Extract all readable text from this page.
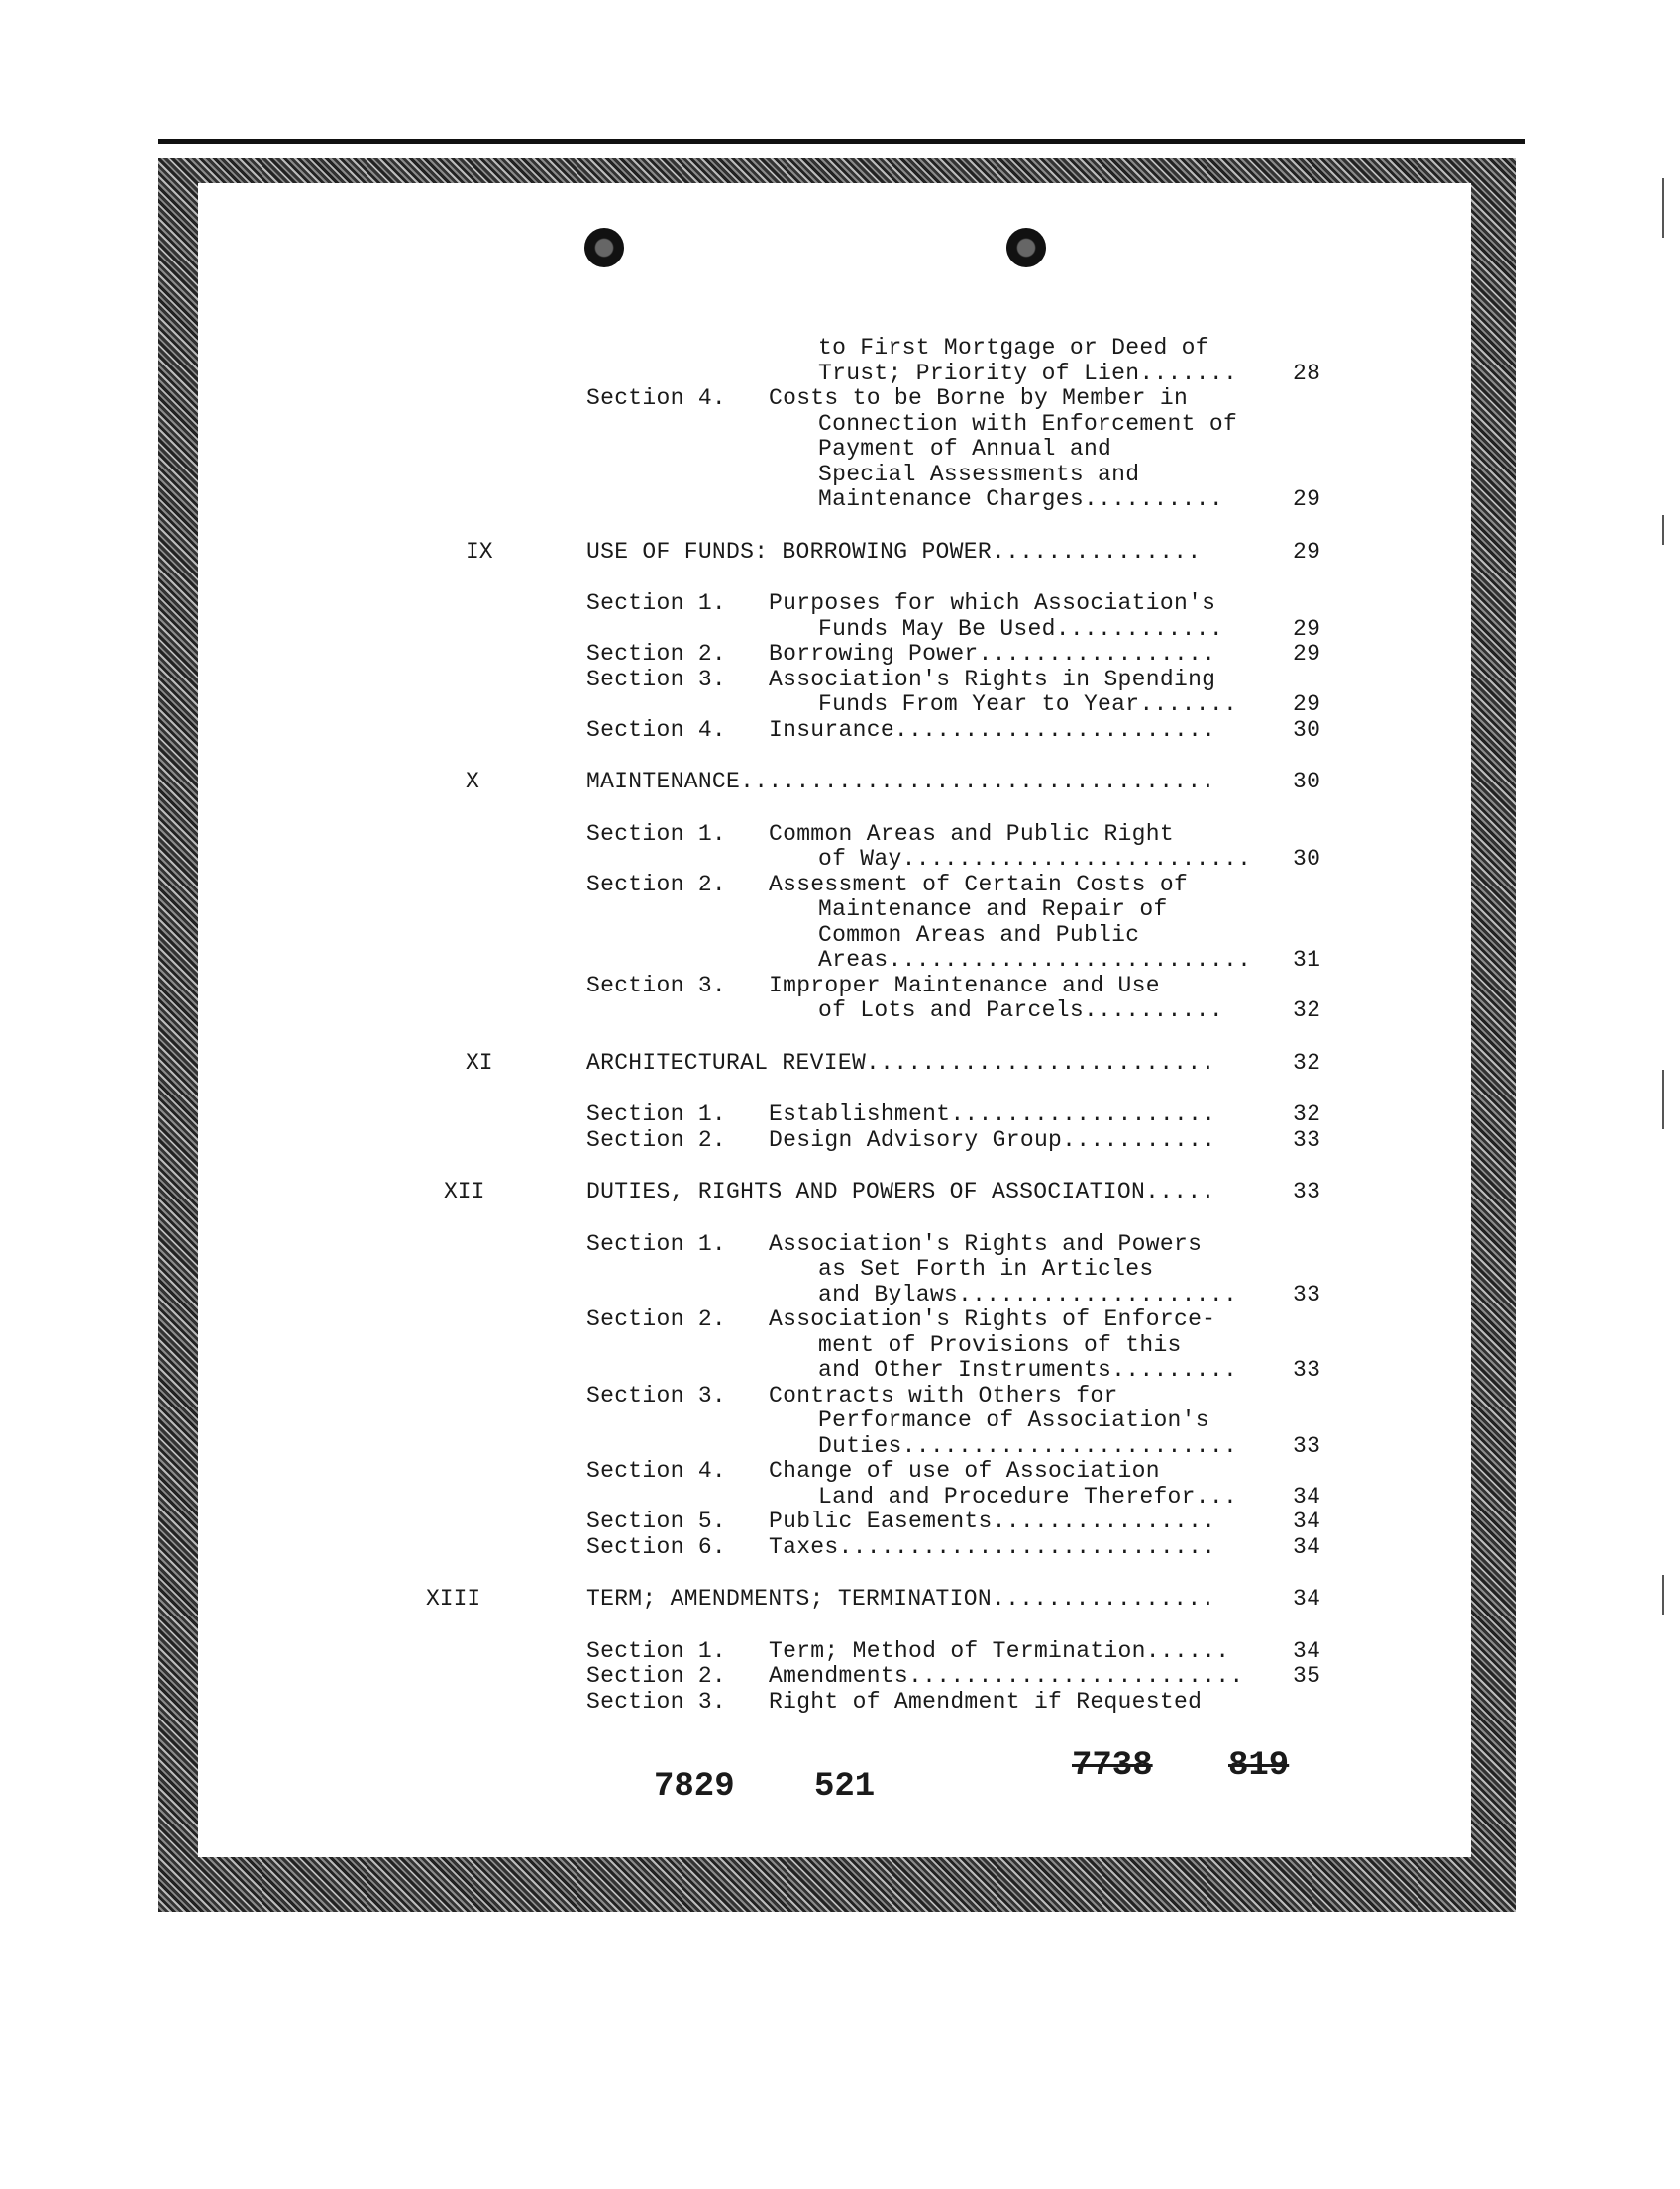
to First Mortgage or Deed of
Trust; Priority of Lien....... 28
Section 4. Costs to be Borne by Member in
Connection with Enforcement of
Payment of Annual and
Special Assessments and
Maintenance Charges..........	29
IX	USE OF FUNDS: BORROWING POWER...............	29
Section 1. Purposes for which Association's
Funds May Be Used............	29
Section 2. Borrowing Power.................	29
Section 3. Association's Rights in Spending
Funds From Year to Year....... 29
Section 4. Insurance.......................	30
X	MAINTENANCE..................................	30
Section 1. Common Areas and Public Right
of Way......................... 30
Section 2. Assessment of Certain Costs of
Maintenance and Repair of
Common Areas and Public
Areas.......................... 31
Section 3. Improper Maintenance and Use
of Lots and Parcels..........	32
XI	ARCHITECTURAL REVIEW.........................	32
Section 1. Establishment...................	32
Section 2. Design Advisory Group...........	33
XII	DUTIES, RIGHTS AND POWERS OF ASSOCIATION.....	33
Section 1. Association's Rights and Powers
as Set Forth in Articles
and Bylaws.................... 33
Section 2. Association's Rights of Enforce-
ment of Provisions of this
and Other Instruments......... 33
Section 3. Contracts with Others for
Performance of Association's
Duties........................ 33
Section 4. Change of use of Association
Land and Procedure Therefor... 34
Section 5. Public Easements................	34
Section 6. Taxes...........................	34
XIII	TERM; AMENDMENTS; TERMINATION................	34
Section 1. Term; Method of Termination......	34
Section 2. Amendments........................ 35
Section 3. Right of Amendment if Requested
7829 521
7738 819
